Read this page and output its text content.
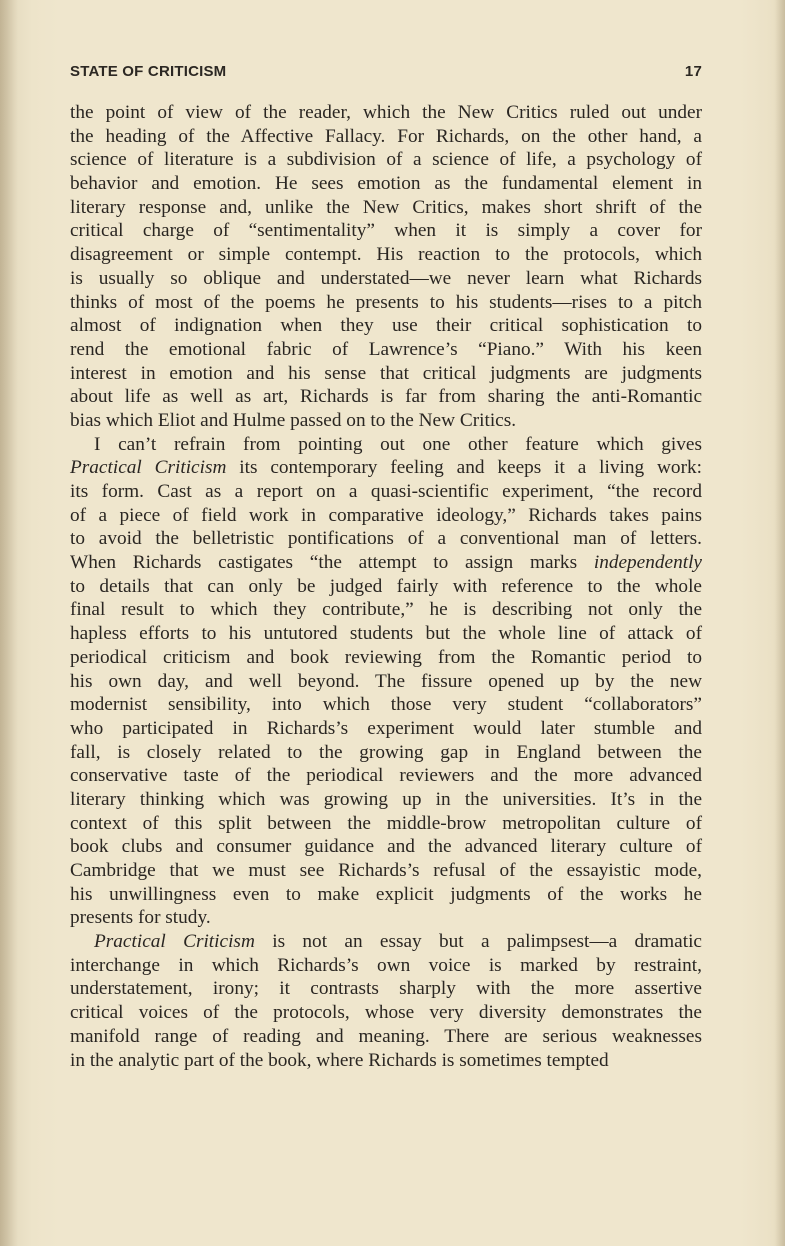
STATE OF CRITICISM	17
the point of view of the reader, which the New Critics ruled out under
the heading of the Affective Fallacy. For Richards, on the other hand, a
science of literature is a subdivision of a science of life, a psychology of
behavior and emotion. He sees emotion as the fundamental element in
literary response and, unlike the New Critics, makes short shrift of the
critical charge of “sentimentality” when it is simply a cover for
disagreement or simple contempt. His reaction to the protocols, which
is usually so oblique and understated—we never learn what Richards
thinks of most of the poems he presents to his students—rises to a pitch
almost of indignation when they use their critical sophistication to
rend the emotional fabric of Lawrence’s “Piano.” With his keen
interest in emotion and his sense that critical judgments are judgments
about life as well as art, Richards is far from sharing the anti-Romantic
bias which Eliot and Hulme passed on to the New Critics.
I can’t refrain from pointing out one other feature which gives
Practical Criticism its contemporary feeling and keeps it a living work:
its form. Cast as a report on a quasi-scientific experiment, “the record
of a piece of field work in comparative ideology,” Richards takes pains
to avoid the belletristic pontifications of a conventional man of letters.
When Richards castigates “the attempt to assign marks independently
to details that can only be judged fairly with reference to the whole
final result to which they contribute,” he is describing not only the
hapless efforts to his untutored students but the whole line of attack of
periodical criticism and book reviewing from the Romantic period to
his own day, and well beyond. The fissure opened up by the new
modernist sensibility, into which those very student “collaborators”
who participated in Richards’s experiment would later stumble and
fall, is closely related to the growing gap in England between the
conservative taste of the periodical reviewers and the more advanced
literary thinking which was growing up in the universities. It’s in the
context of this split between the middle-brow metropolitan culture of
book clubs and consumer guidance and the advanced literary culture of
Cambridge that we must see Richards’s refusal of the essayistic mode,
his unwillingness even to make explicit judgments of the works he
presents for study.
Practical Criticism is not an essay but a palimpsest—a dramatic
interchange in which Richards’s own voice is marked by restraint,
understatement, irony; it contrasts sharply with the more assertive
critical voices of the protocols, whose very diversity demonstrates the
manifold range of reading and meaning. There are serious weaknesses
in the analytic part of the book, where Richards is sometimes tempted
